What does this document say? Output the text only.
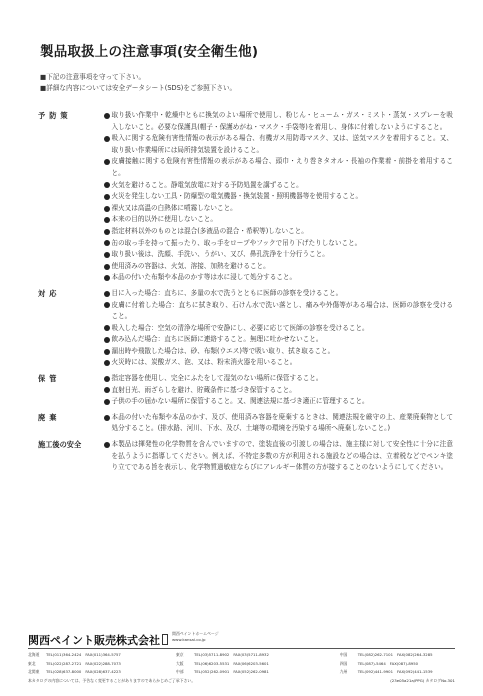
製品取扱上の注意事項(安全衛生他)
■下記の注意事項を守って下さい。
■詳細な内容については安全データシート(SDS)をご参照下さい。
予防策	取り扱い作業中・乾燥中ともに換気のよい場所で使用し、粉じん・ヒューム・ガス・ミスト・蒸気・スプレーを吸入しないこと。必要な保護具(帽子・保護めがね・マスク・手袋等)を着用し、身体に付着しないようにすること。
吸入に関する危険有害性情報の表示がある場合、有機ガス用防毒マスク、又は、送気マスクを着用すること。又、取り扱い作業場所には局所排気装置を設けること。
皮膚接触に関する危険有害性情報の表示がある場合、頭巾・えり巻きタオル・長袖の作業着・前掛を着用すること。
火気を避けること。静電気放電に対する予防処置を講ずること。
火災を発生しない工具・防爆型の電気機器・換気装置・照明機器等を使用すること。
裸火又は高温の白熱体に噴霧しないこと。
本来の目的以外に使用しないこと。
指定材料以外のものとは混合(多液品の混合・希釈等)しないこと。
缶の取っ手を持って振ったり、取っ手をロープやフックで吊り下げたりしないこと。
取り扱い後は、洗顔、手洗い、うがい、又び、鼻孔洗浄を十分行うこと。
使用済みの容器は、火気、溶接、加熱を避けること。
本品の付いた布類や本品のかす等は水に浸して処分すること。
対応	目に入った場合：直ちに、多量の水で洗うとともに医師の診察を受けること。
皮膚に付着した場合：直ちに拭き取り、石けん水で洗い落とし、痛みや外傷等がある場合は、医師の診察を受けること。
吸入した場合：空気の清浄な場所で安静にし、必要に応じて医師の診察を受けること。
飲み込んだ場合：直ちに医師に連絡すること。無理に吐かせないこと。
漏出時や飛散した場合は、砂、布類(ウエス)等で吸い取り、拭き取ること。
火災時には、炭酸ガス、泡、又は、粉末消火器を用いること。
保管	指定容器を使用し、完全にふたをして湿気のない場所に保管すること。
直射日光、雨ざらしを避け、貯蔵条件に基づき保管すること。
子供の手の届かない場所に保管すること。又、関連法規に基づき適正に管理すること。
廃棄	本品の付いた布類や本品のかす、及び、使用済み容器を廃棄するときは、関連法規を厳守の上、産業廃棄物として処分すること。(排水路、河川、下水、及び、土壌等の環境を汚染する場所へ廃棄しないこと。)
施工後の安全	本製品は揮発性の化学物質を含んでいますので、塗装直後の引渡しの場合は、施主様に対して安全性に十分に注意を払うように指導してください。例えば、不特定多数の方が利用される施設などの場合は、立着税などでペンキ塗り立てである旨を表示し、化学物質過敏症ならびにアレルギー体質の方が接することのないようにしてください。
関西ペイント販売株式会社
関西ペイントホームページ
www.kansai.co.jp
北海道	TEL(011)364-2424 FAX(011)364-5757	東京	TEL(03)5711-8902 FAX(03)5711-8932	中国	TEL(082)262-7101 FAX(082)264-3285
東北	TEL(022)287-2721 FAX(022)288-7073	大阪	TEL(06)6203-5531 FAX(06)6203-5601	四国	TEL(087)-5464 FAX(087)-8950
北関東	TEL(028)637-8000 FAX(028)637-4223	中部	TEL(052)262-0901 FAX(052)262-0981	九州	TEL(092)441-9901 FAX(092)441-1539
本カタログの内容については、予告なく変更することがありますのであらかじめご了承下さい。	(23e05a21a/PPG) カタログNo.301
